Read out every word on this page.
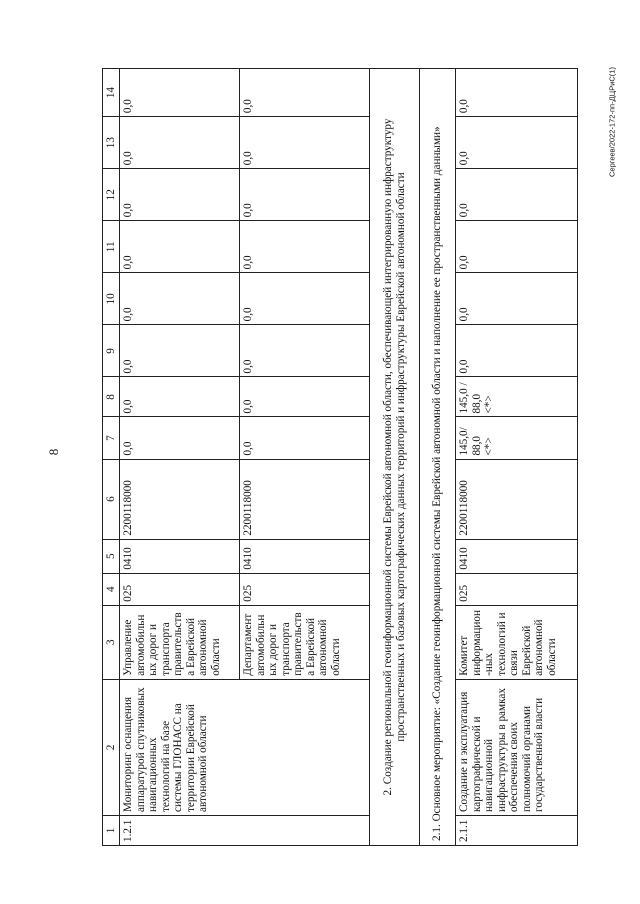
8
Сергеев/2022-172-пп-ДЦРиС(1)
1	2	3	4	5	6	7	8	9	10	11	12	13	14
1.2.1	Мониторинг оснащения аппаратурой спутниковых навигационных технологий на базе системы ГЛОНАСС на территории Еврейской автономной области	Управление автомобильных дорог и транспорта правительства Еврейской автономной области	025	0410	2200118000	0,0	0,0	0,0	0,0	0,0	0,0	0,0	0,0
		Департамент автомобильных дорог и транспорта правительства Еврейской автономной области	025	0410	2200118000	0,0	0,0	0,0	0,0	0,0	0,0	0,0	0,0
2. Создание региональной геоинформационной системы Еврейской автономной области, обеспечивающей интегрированную инфраструктуру пространственных и базовых картографических данных территорий и инфраструктуры Еврейской автономной области													
2.1. Основное мероприятие: «Создание геоинформационной системы Еврейской автономной области и наполнение ее пространственными данными»													
2.1.1	Создание и эксплуатация картографической и навигационной инфраструктуры в рамках обеспечения своих полномочий органами государственной власти	Комитет информацион-ных технологий и связи Еврейской автономной области	025	0410	2200118000	145,0/ 88,0 <*>	145,0 / 88,0 <*>	0,0	0,0	0,0	0,0	0,0	0,0
